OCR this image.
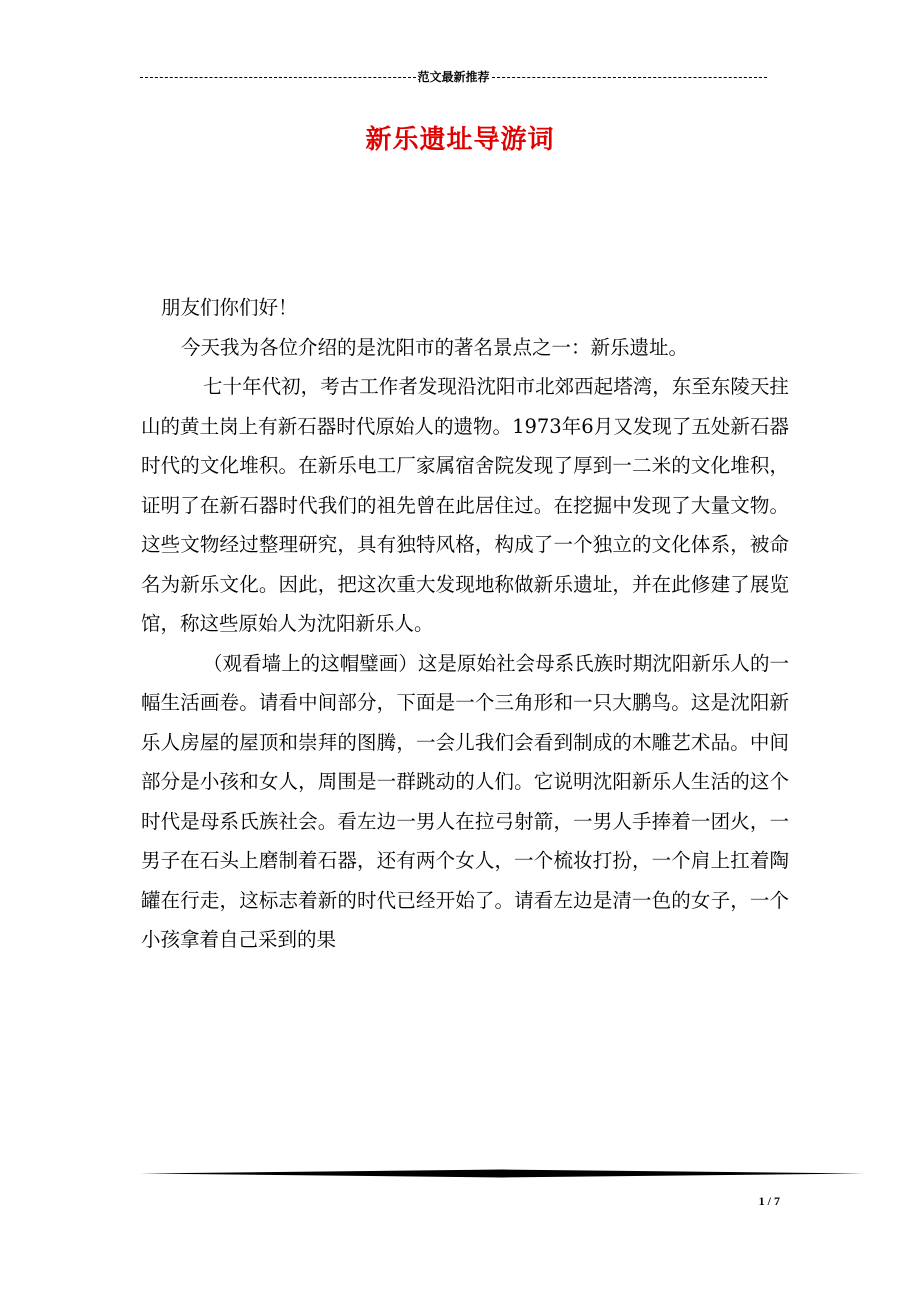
范文最新推荐
新乐遗址导游词

朋友们你们好！

今天我为各位介绍的是沈阳市的著名景点之一：新乐遗址。

七十年代初，考古工作者发现沿沈阳市北郊西起塔湾，东至东陵天拄山的黄土岗上有新石器时代原始人的遗物。1973年6月又发现了五处新石器时代的文化堆积。在新乐电工厂家属宿舍院发现了厚到一二米的文化堆积，证明了在新石器时代我们的祖先曾在此居住过。在挖掘中发现了大量文物。这些文物经过整理研究，具有独特风格，构成了一个独立的文化体系，被命名为新乐文化。因此，把这次重大发现地称做新乐遗址，并在此修建了展览馆，称这些原始人为沈阳新乐人。

（观看墙上的这帽璧画）这是原始社会母系氏族时期沈阳新乐人的一幅生活画卷。请看中间部分，下面是一个三角形和一只大鹏鸟。这是沈阳新乐人房屋的屋顶和崇拜的图腾，一会儿我们会看到制成的木雕艺术品。中间部分是小孩和女人，周围是一群跳动的人们。它说明沈阳新乐人生活的这个时代是母系氏族社会。看左边一男人在拉弓射箭，一男人手捧着一团火，一男子在石头上磨制着石器，还有两个女人，一个梳妆打扮，一个肩上扛着陶罐在行走，这标志着新的时代已经开始了。请看左边是清一色的女子，一个小孩拿着自己采到的果

1 / 7
